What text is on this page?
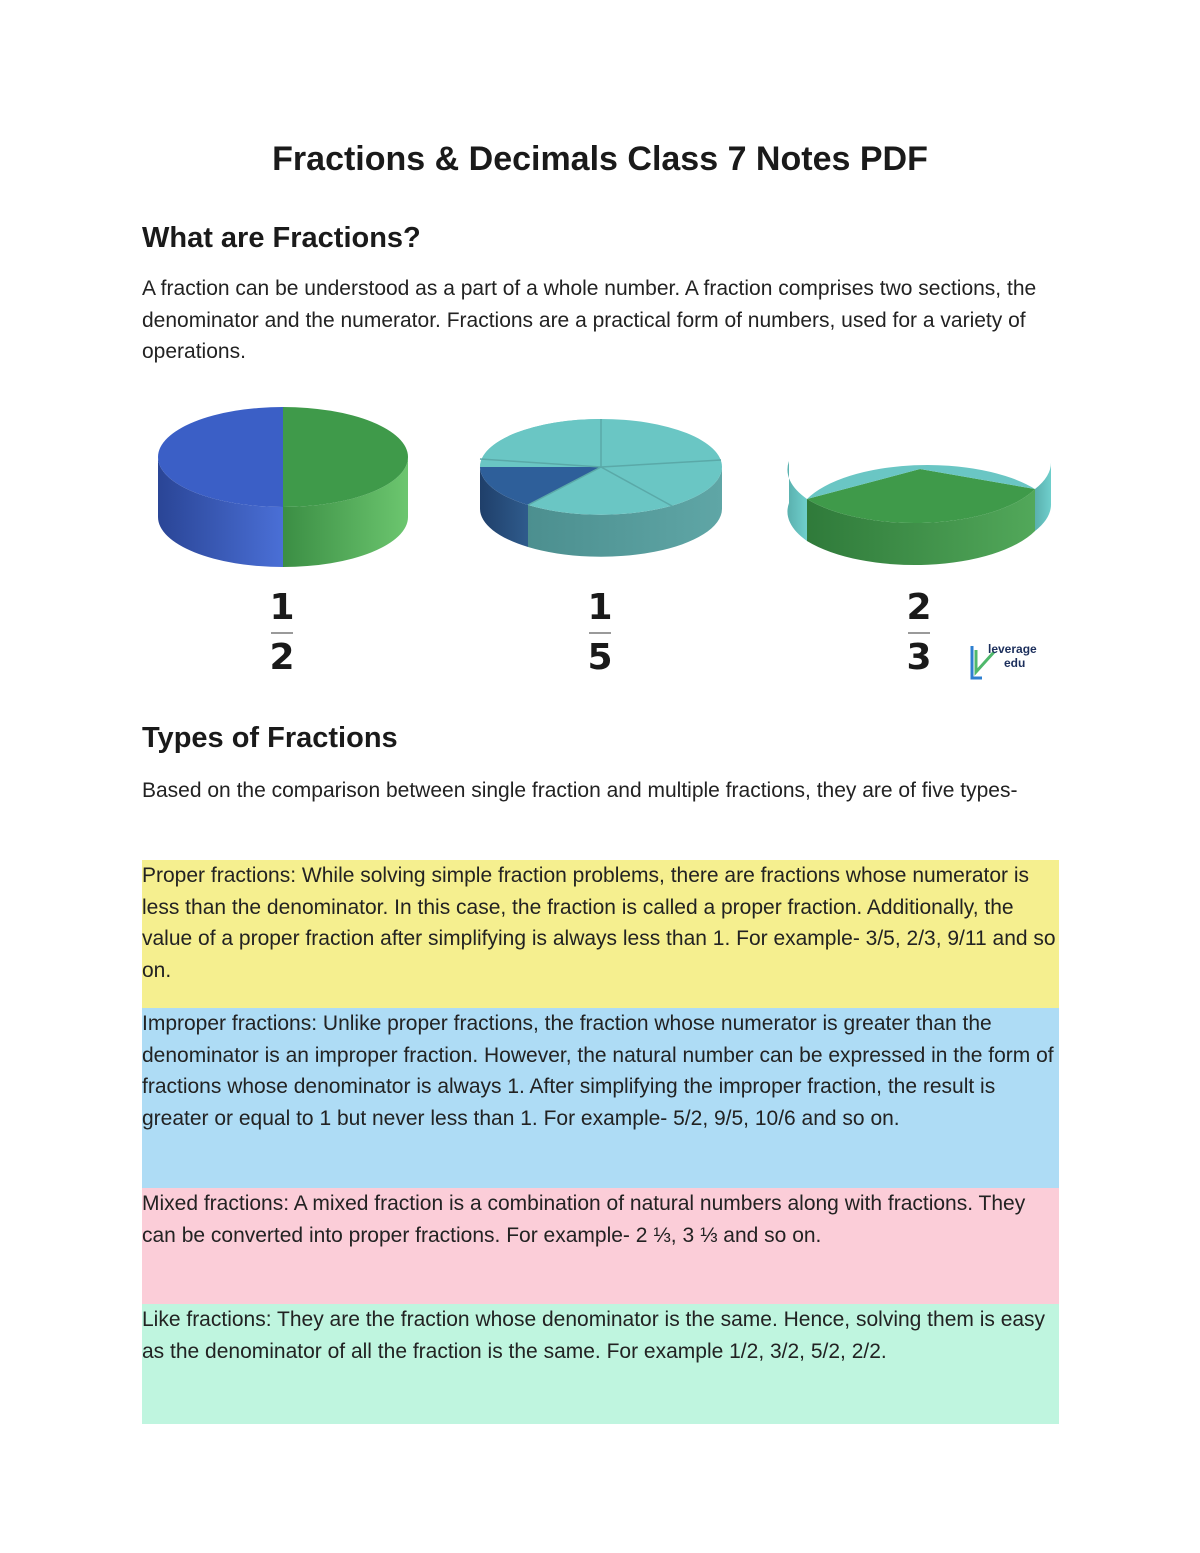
Fractions & Decimals Class 7 Notes PDF
What are Fractions?

A fraction can be understood as a part of a whole number. A fraction comprises two sections, the denominator and the numerator. Fractions are a practical form of numbers, used for a variety of operations.

1
2
1
5
2
3	leverage
edu
Types of Fractions

Based on the comparison between single fraction and multiple fractions, they are of five types-

Proper fractions: While solving simple fraction problems, there are fractions whose numerator is less than the denominator. In this case, the fraction is called a proper fraction. Additionally, the value of a proper fraction after simplifying is always less than 1. For example- 3/5, 2/3, 9/11 and so on.

Improper fractions: Unlike proper fractions, the fraction whose numerator is greater than the denominator is an improper fraction. However, the natural number can be expressed in the form of fractions whose denominator is always 1. After simplifying the improper fraction, the result is greater or equal to 1 but never less than 1. For example- 5/2, 9/5, 10/6 and so on.

Mixed fractions: A mixed fraction is a combination of natural numbers along with fractions. They can be converted into proper fractions. For example- 2 ⅓, 3 ⅓ and so on.

Like fractions: They are the fraction whose denominator is the same. Hence, solving them is easy as the denominator of all the fraction is the same. For example 1/2, 3/2, 5/2, 2/2.
